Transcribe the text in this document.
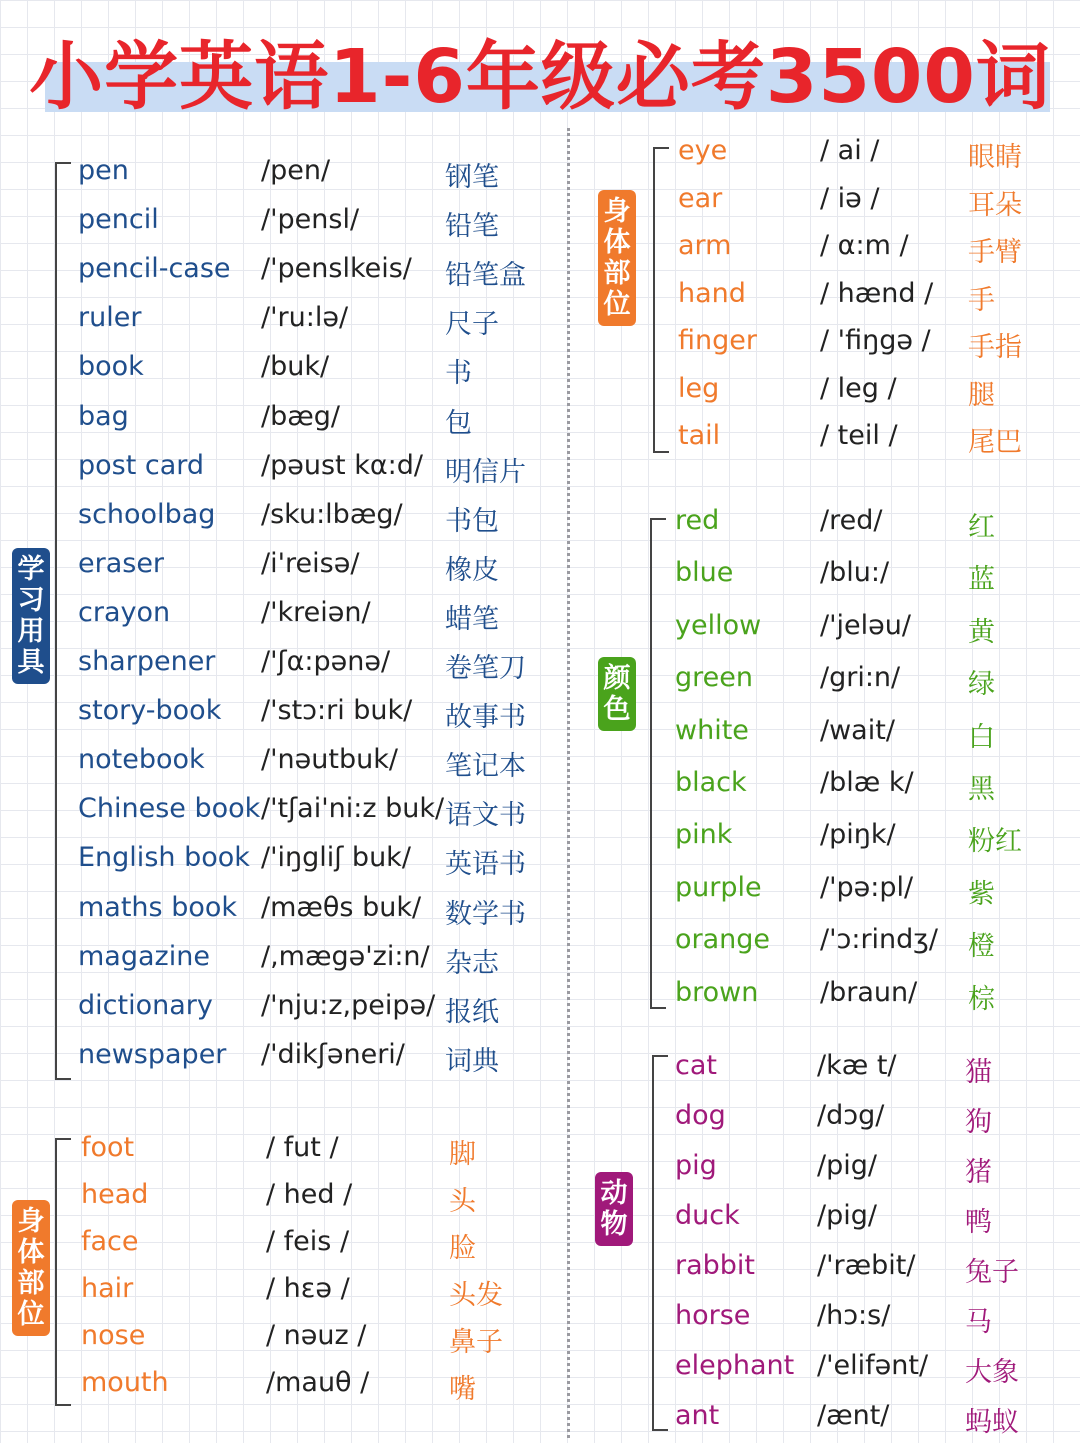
小学英语1-6年级必考3500词
学
习
用
具
pen	/pen/	钢笔
pencil	/'pensl/	铅笔
pencil-case /'penslkeis/ 铅笔盒
ruler	/'ru:lə/	尺子
book	/buk/	书
bag	/bæg/	包
post card /pəust kα:d/ 明信片
schoolbag /sku:lbæg/ 书包
eraser	/i'reisə/	橡皮
crayon	/'kreiən/	蜡笔
sharpener /'ʃα:pənə/ 卷笔刀
story-book /'stɔ:ri buk/ 故事书
notebook /'nəutbuk/ 笔记本
Chinese book /'tʃai'ni:z buk/ 语文书
English book /'iŋgliʃ buk/ 英语书
maths book /mæθs buk/ 数学书
magazine /,mægə'zi:n/ 杂志
dictionary /'nju:z,peipə/ 报纸
newspaper /'dikʃəneri/ 词典
身
体
部
位
foot	/ fut /	脚
head	/ hed /	头
face	/ feis /	脸
hair	/ hɛə /	头发
nose	/ nəuz /	鼻子
mouth	/mauθ /	嘴
身
体
部
位
eye	/ ai /	眼睛
ear	/ iə /	耳朵
arm	/ α:m / 手臂
hand	/ hænd / 手
finger / 'fiŋgə / 手指
leg	/ leg /	腿
tail	/ teil /	尾巴
颜
色
red	/red/	红
blue	/blu:/	蓝
yellow /'jeləu/ 黄
green /gri:n/	绿
white	/wait/	白
black	/blæ k/ 黑
pink	/piŋk/	粉红
purple /'pə:pl/ 紫
orange /'ɔ:rindʒ/ 橙
brown /braun/ 棕
动
物
cat	/kæ t/	猫
dog	/dɔg/	狗
pig	/pig/	猪
duck	/pig/	鸭
rabbit /'ræbit/ 兔子
horse /hɔ:s/	马
elephant /'elifənt/ 大象
ant	/ænt/	蚂蚁
